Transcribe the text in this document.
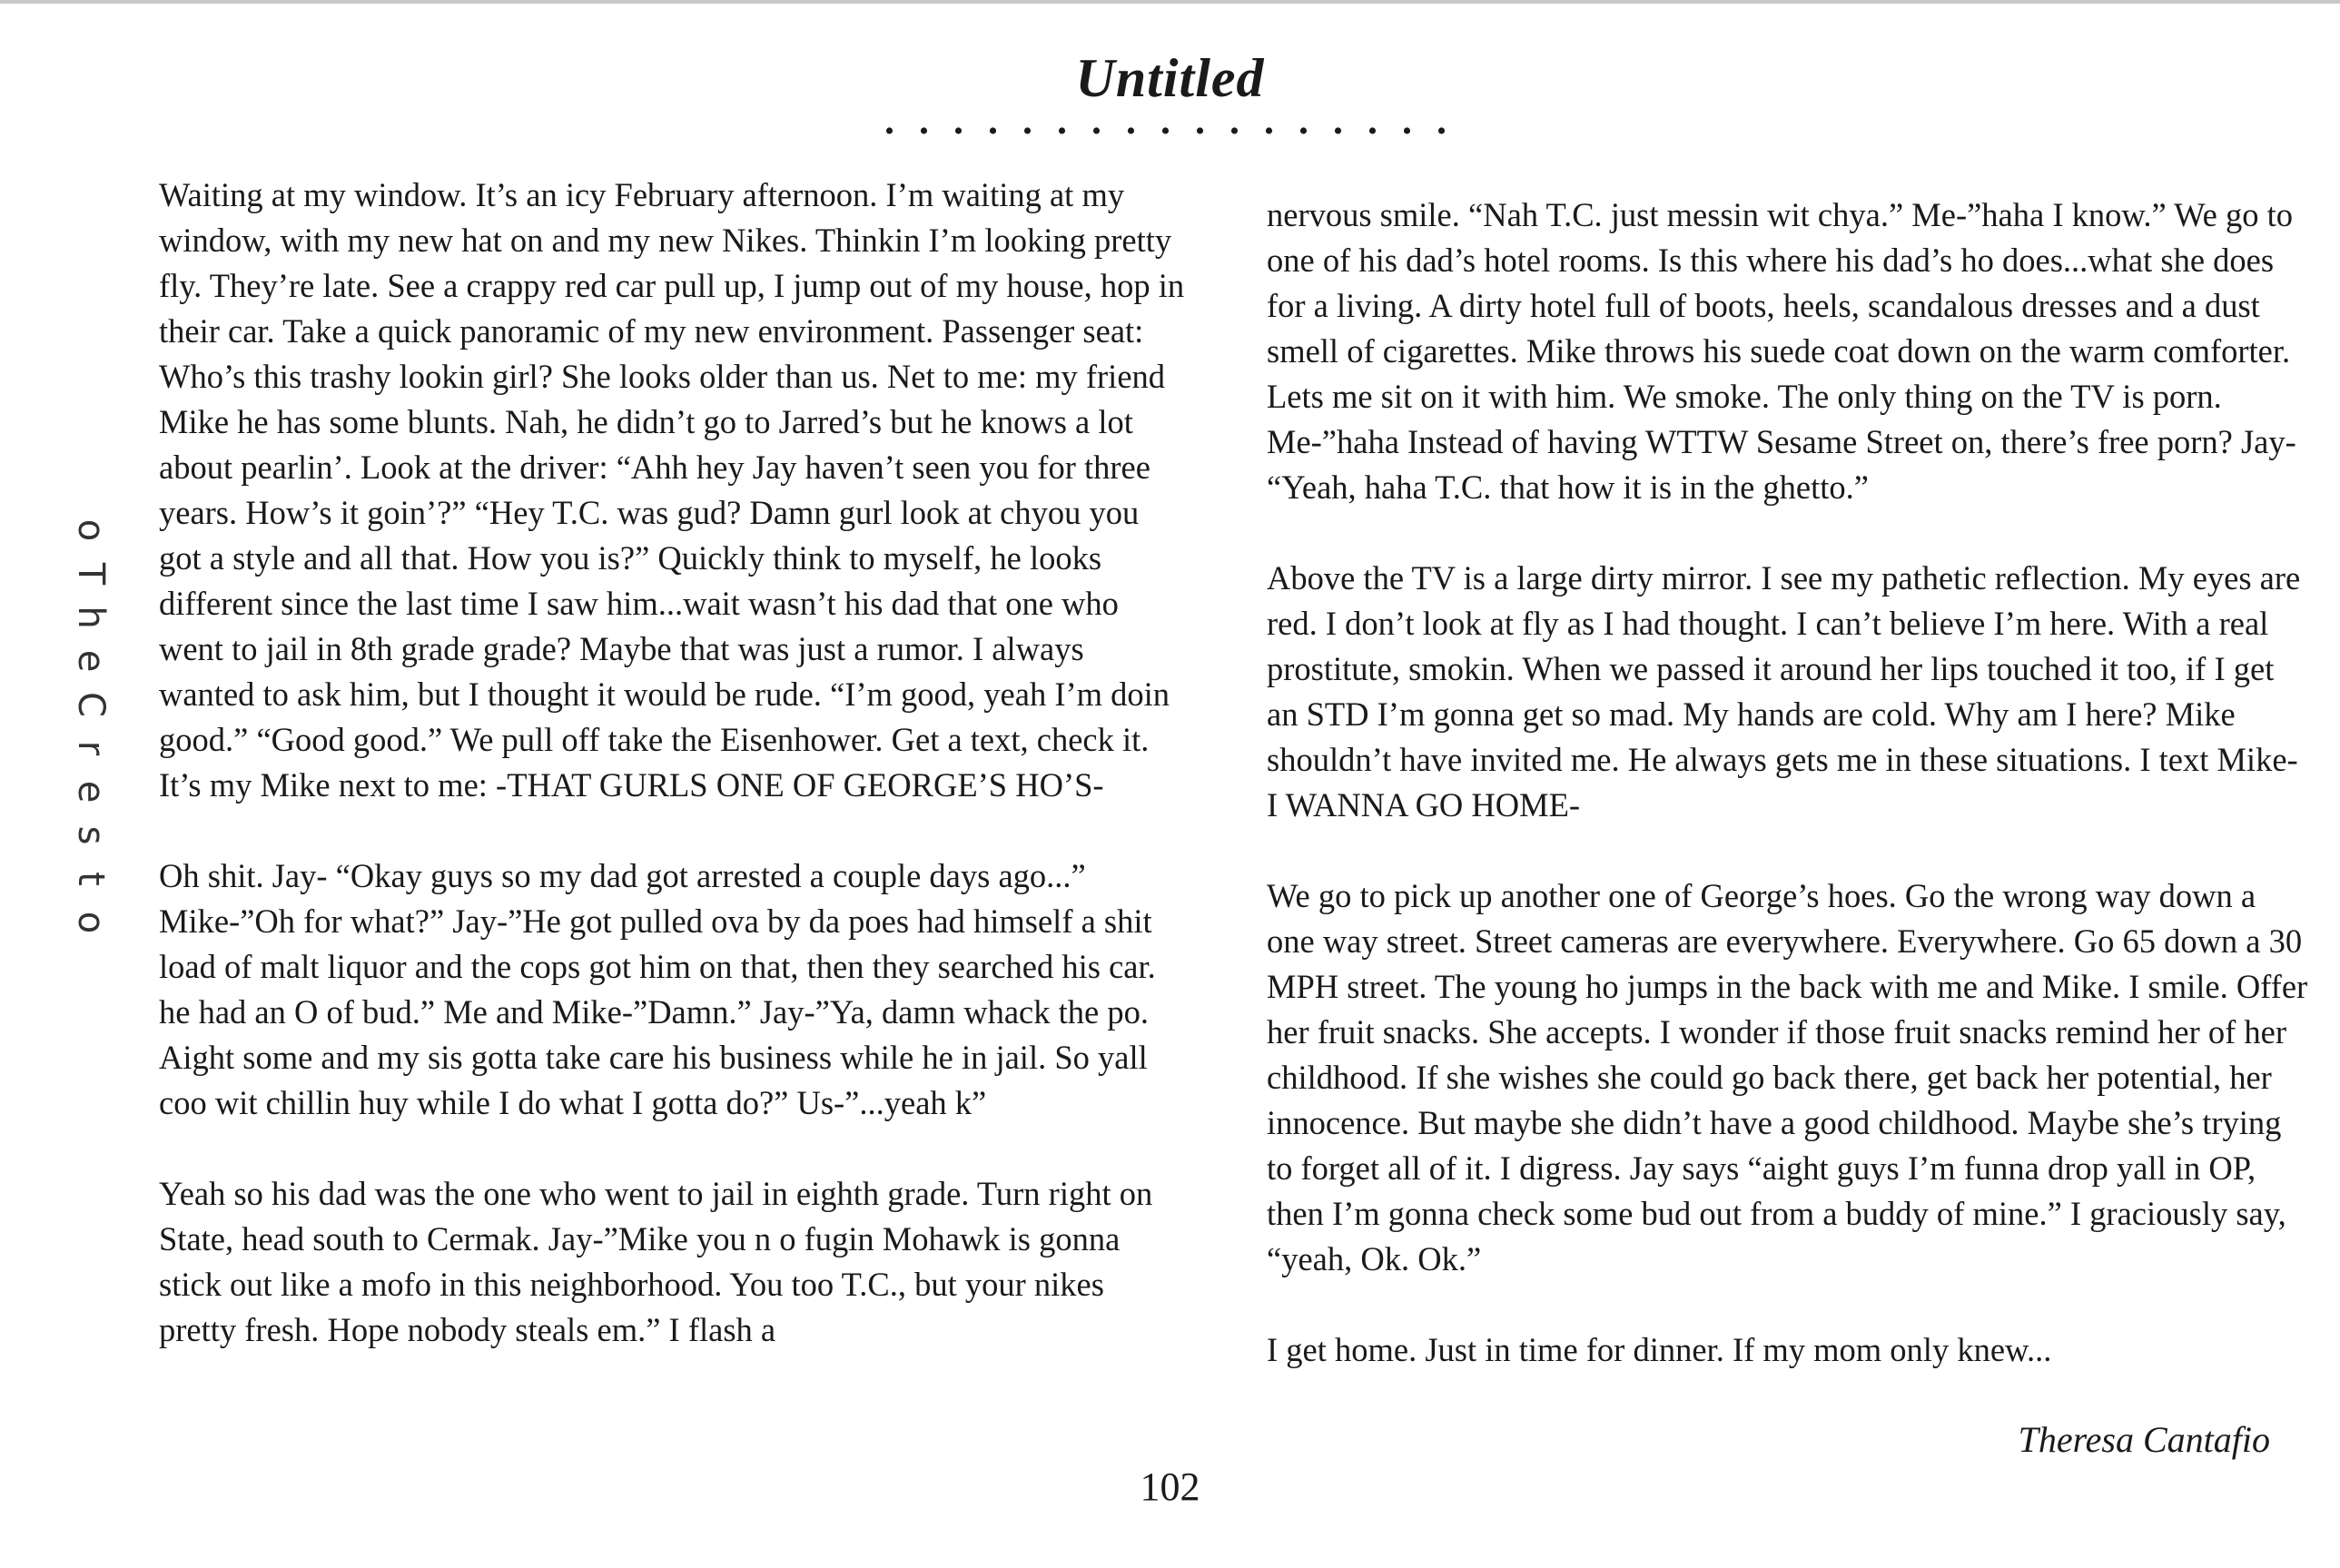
Untitled
• • • • • • • • • • • • • • • • •
o
T
h
e
C
r
e
s
t
o

Waiting at my window. It’s an icy February afternoon. I’m waiting at my window, with my new hat on and my new Nikes. Thinkin I’m looking pretty fly. They’re late. See a crappy red car pull up, I jump out of my house, hop in their car. Take a quick panoramic of my new environment. Passenger seat: Who’s this trashy lookin girl? She looks older than us. Net to me: my friend Mike he has some blunts. Nah, he didn’t go to Jarred’s but he knows a lot about pearlin’. Look at the driver: “Ahh hey Jay haven’t seen you for three years. How’s it goin’?” “Hey T.C. was gud? Damn gurl look at chyou you got a style and all that. How you is?” Quickly think to myself, he looks different since the last time I saw him...wait wasn’t his dad that one who went to jail in 8th grade grade? Maybe that was just a rumor. I always wanted to ask him, but I thought it would be rude. “I’m good, yeah I’m doin good.” “Good good.” We pull off take the Eisenhower. Get a text, check it. It’s my Mike next to me: -THAT GURLS ONE OF GEORGE’S HO’S-

Oh shit. Jay- “Okay guys so my dad got arrested a couple days ago...” Mike-”Oh for what?” Jay-”He got pulled ova by da poes had himself a shit load of malt liquor and the cops got him on that, then they searched his car. he had an O of bud.” Me and Mike-”Damn.” Jay-”Ya, damn whack the po. Aight some and my sis gotta take care his business while he in jail. So yall coo wit chillin huy while I do what I gotta do?” Us-”...yeah k”

Yeah so his dad was the one who went to jail in eighth grade. Turn right on State, head south to Cermak. Jay-”Mike you n o fugin Mohawk is gonna stick out like a mofo in this neighborhood. You too T.C., but your nikes pretty fresh. Hope nobody steals em.” I flash a

nervous smile. “Nah T.C. just messin wit chya.” Me-”haha I know.” We go to one of his dad’s hotel rooms. Is this where his dad’s ho does...what she does for a living. A dirty hotel full of boots, heels, scandalous dresses and a dust smell of cigarettes. Mike throws his suede coat down on the warm comforter. Lets me sit on it with him. We smoke. The only thing on the TV is porn. Me-”haha Instead of having WTTW Sesame Street on, there’s free porn? Jay- “Yeah, haha T.C. that how it is in the ghetto.”

Above the TV is a large dirty mirror. I see my pathetic reflection. My eyes are red. I don’t look at fly as I had thought. I can’t believe I’m here. With a real prostitute, smokin. When we passed it around her lips touched it too, if I get an STD I’m gonna get so mad. My hands are cold. Why am I here? Mike shouldn’t have invited me. He always gets me in these situations. I text Mike- I WANNA GO HOME-

We go to pick up another one of George’s hoes. Go the wrong way down a one way street. Street cameras are everywhere. Everywhere. Go 65 down a 30 MPH street. The young ho jumps in the back with me and Mike. I smile. Offer her fruit snacks. She accepts. I wonder if those fruit snacks remind her of her childhood. If she wishes she could go back there, get back her potential, her innocence. But maybe she didn’t have a good childhood. Maybe she’s trying to forget all of it. I digress. Jay says “aight guys I’m funna drop yall in OP, then I’m gonna check some bud out from a buddy of mine.” I graciously say, “yeah, Ok. Ok.”

I get home. Just in time for dinner. If my mom only knew...

Theresa Cantafio
102
